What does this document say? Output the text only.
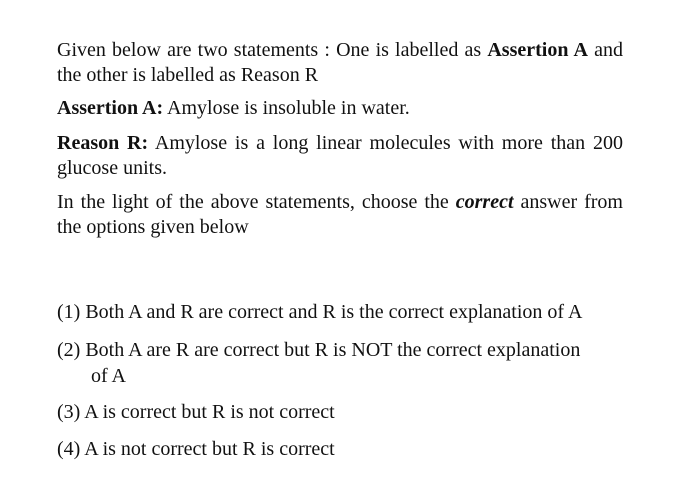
Given below are two statements : One is labelled as Assertion A and the other is labelled as Reason R

Assertion A: Amylose is insoluble in water.

Reason R: Amylose is a long linear molecules with more than 200 glucose units.

In the light of the above statements, choose the correct answer from the options given below

(1) Both A and R are correct and R is the correct explanation of A

(2) Both A are R are correct but R is NOT the correct explanation
of A

(3) A is correct but R is not correct

(4) A is not correct but R is correct
